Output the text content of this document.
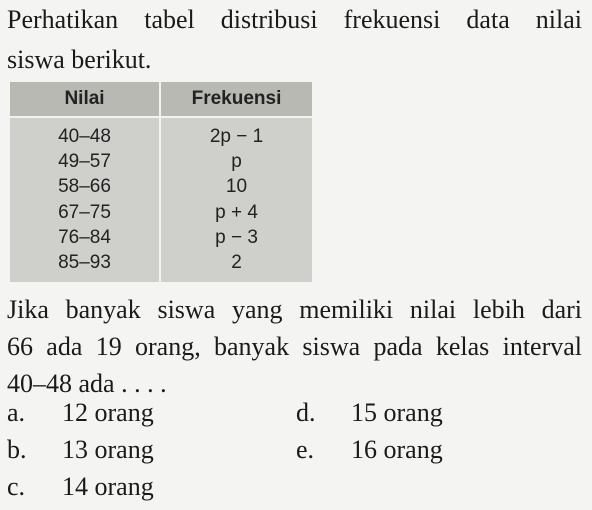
Perhatikan tabel distribusi frekuensi data nilai
siswa berikut.
Nilai	Frekuensi
40–48	2p − 1
49–57	p
58–66	10
67–75	p + 4
76–84	p − 3
85–93	2
Jika banyak siswa yang memiliki nilai lebih dari
66 ada 19 orang, banyak siswa pada kelas interval
40–48 ada . . . .
a. 12 orang
b. 13 orang
c. 14 orang
d. 15 orang
e. 16 orang
